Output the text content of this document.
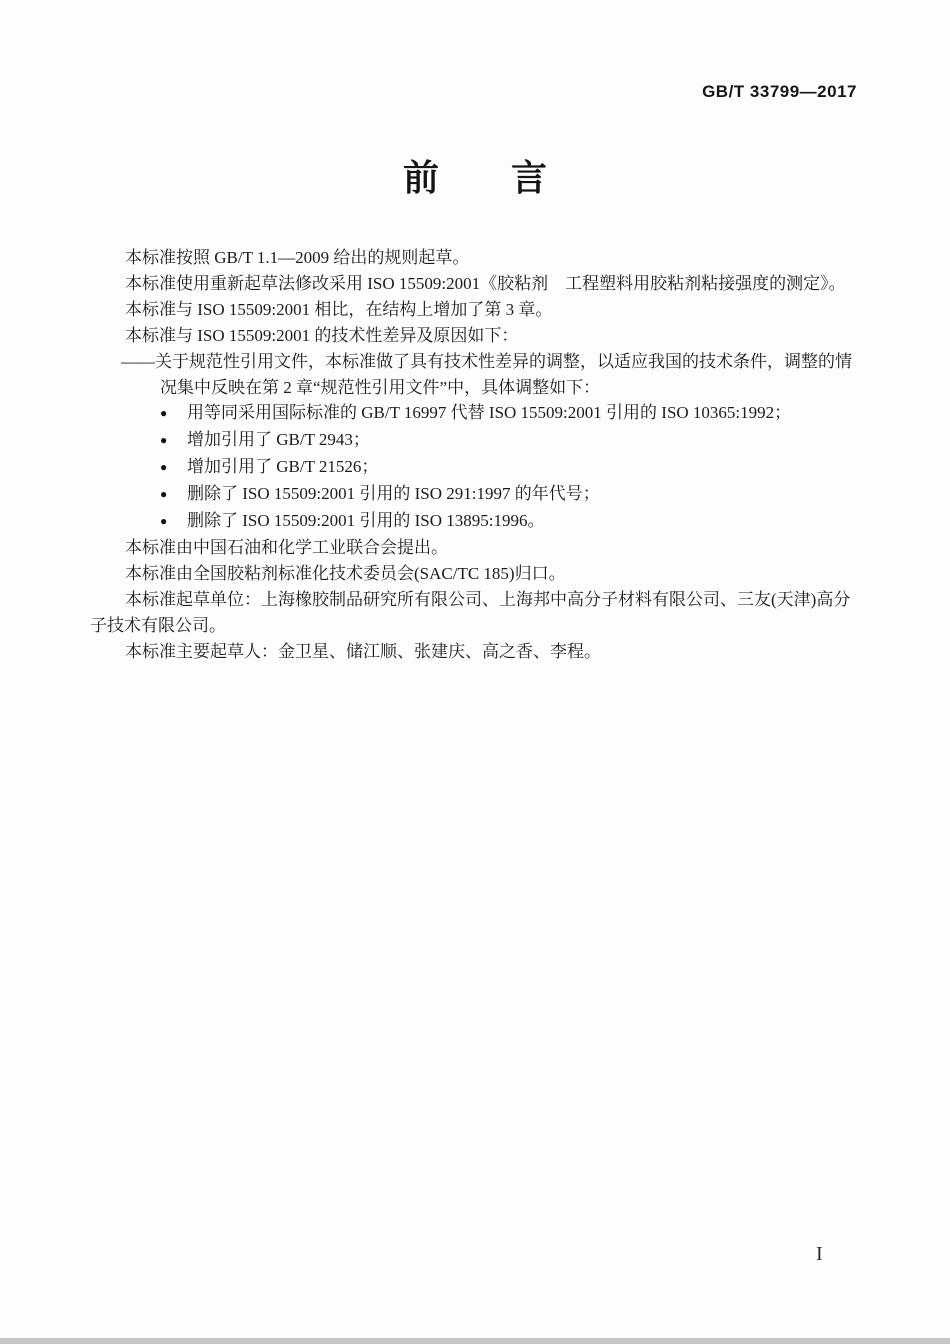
GB/T 33799—2017
前　　言
本标准按照 GB/T 1.1—2009 给出的规则起草。
本标准使用重新起草法修改采用 ISO 15509:2001《胶粘剂　工程塑料用胶粘剂粘接强度的测定》。
本标准与 ISO 15509:2001 相比，在结构上增加了第 3 章。
本标准与 ISO 15509:2001 的技术性差异及原因如下：
——关于规范性引用文件，本标准做了具有技术性差异的调整，以适应我国的技术条件，调整的情
况集中反映在第 2 章“规范性引用文件”中，具体调整如下：
● 用等同采用国际标准的 GB/T 16997 代替 ISO 15509:2001 引用的 ISO 10365:1992；
● 增加引用了 GB/T 2943；
● 增加引用了 GB/T 21526；
● 删除了 ISO 15509:2001 引用的 ISO 291:1997 的年代号；
● 删除了 ISO 15509:2001 引用的 ISO 13895:1996。
本标准由中国石油和化学工业联合会提出。
本标准由全国胶粘剂标准化技术委员会(SAC/TC 185)归口。
本标准起草单位：上海橡胶制品研究所有限公司、上海邦中高分子材料有限公司、三友(天津)高分
子技术有限公司。
本标准主要起草人：金卫星、储江顺、张建庆、高之香、李程。
I
